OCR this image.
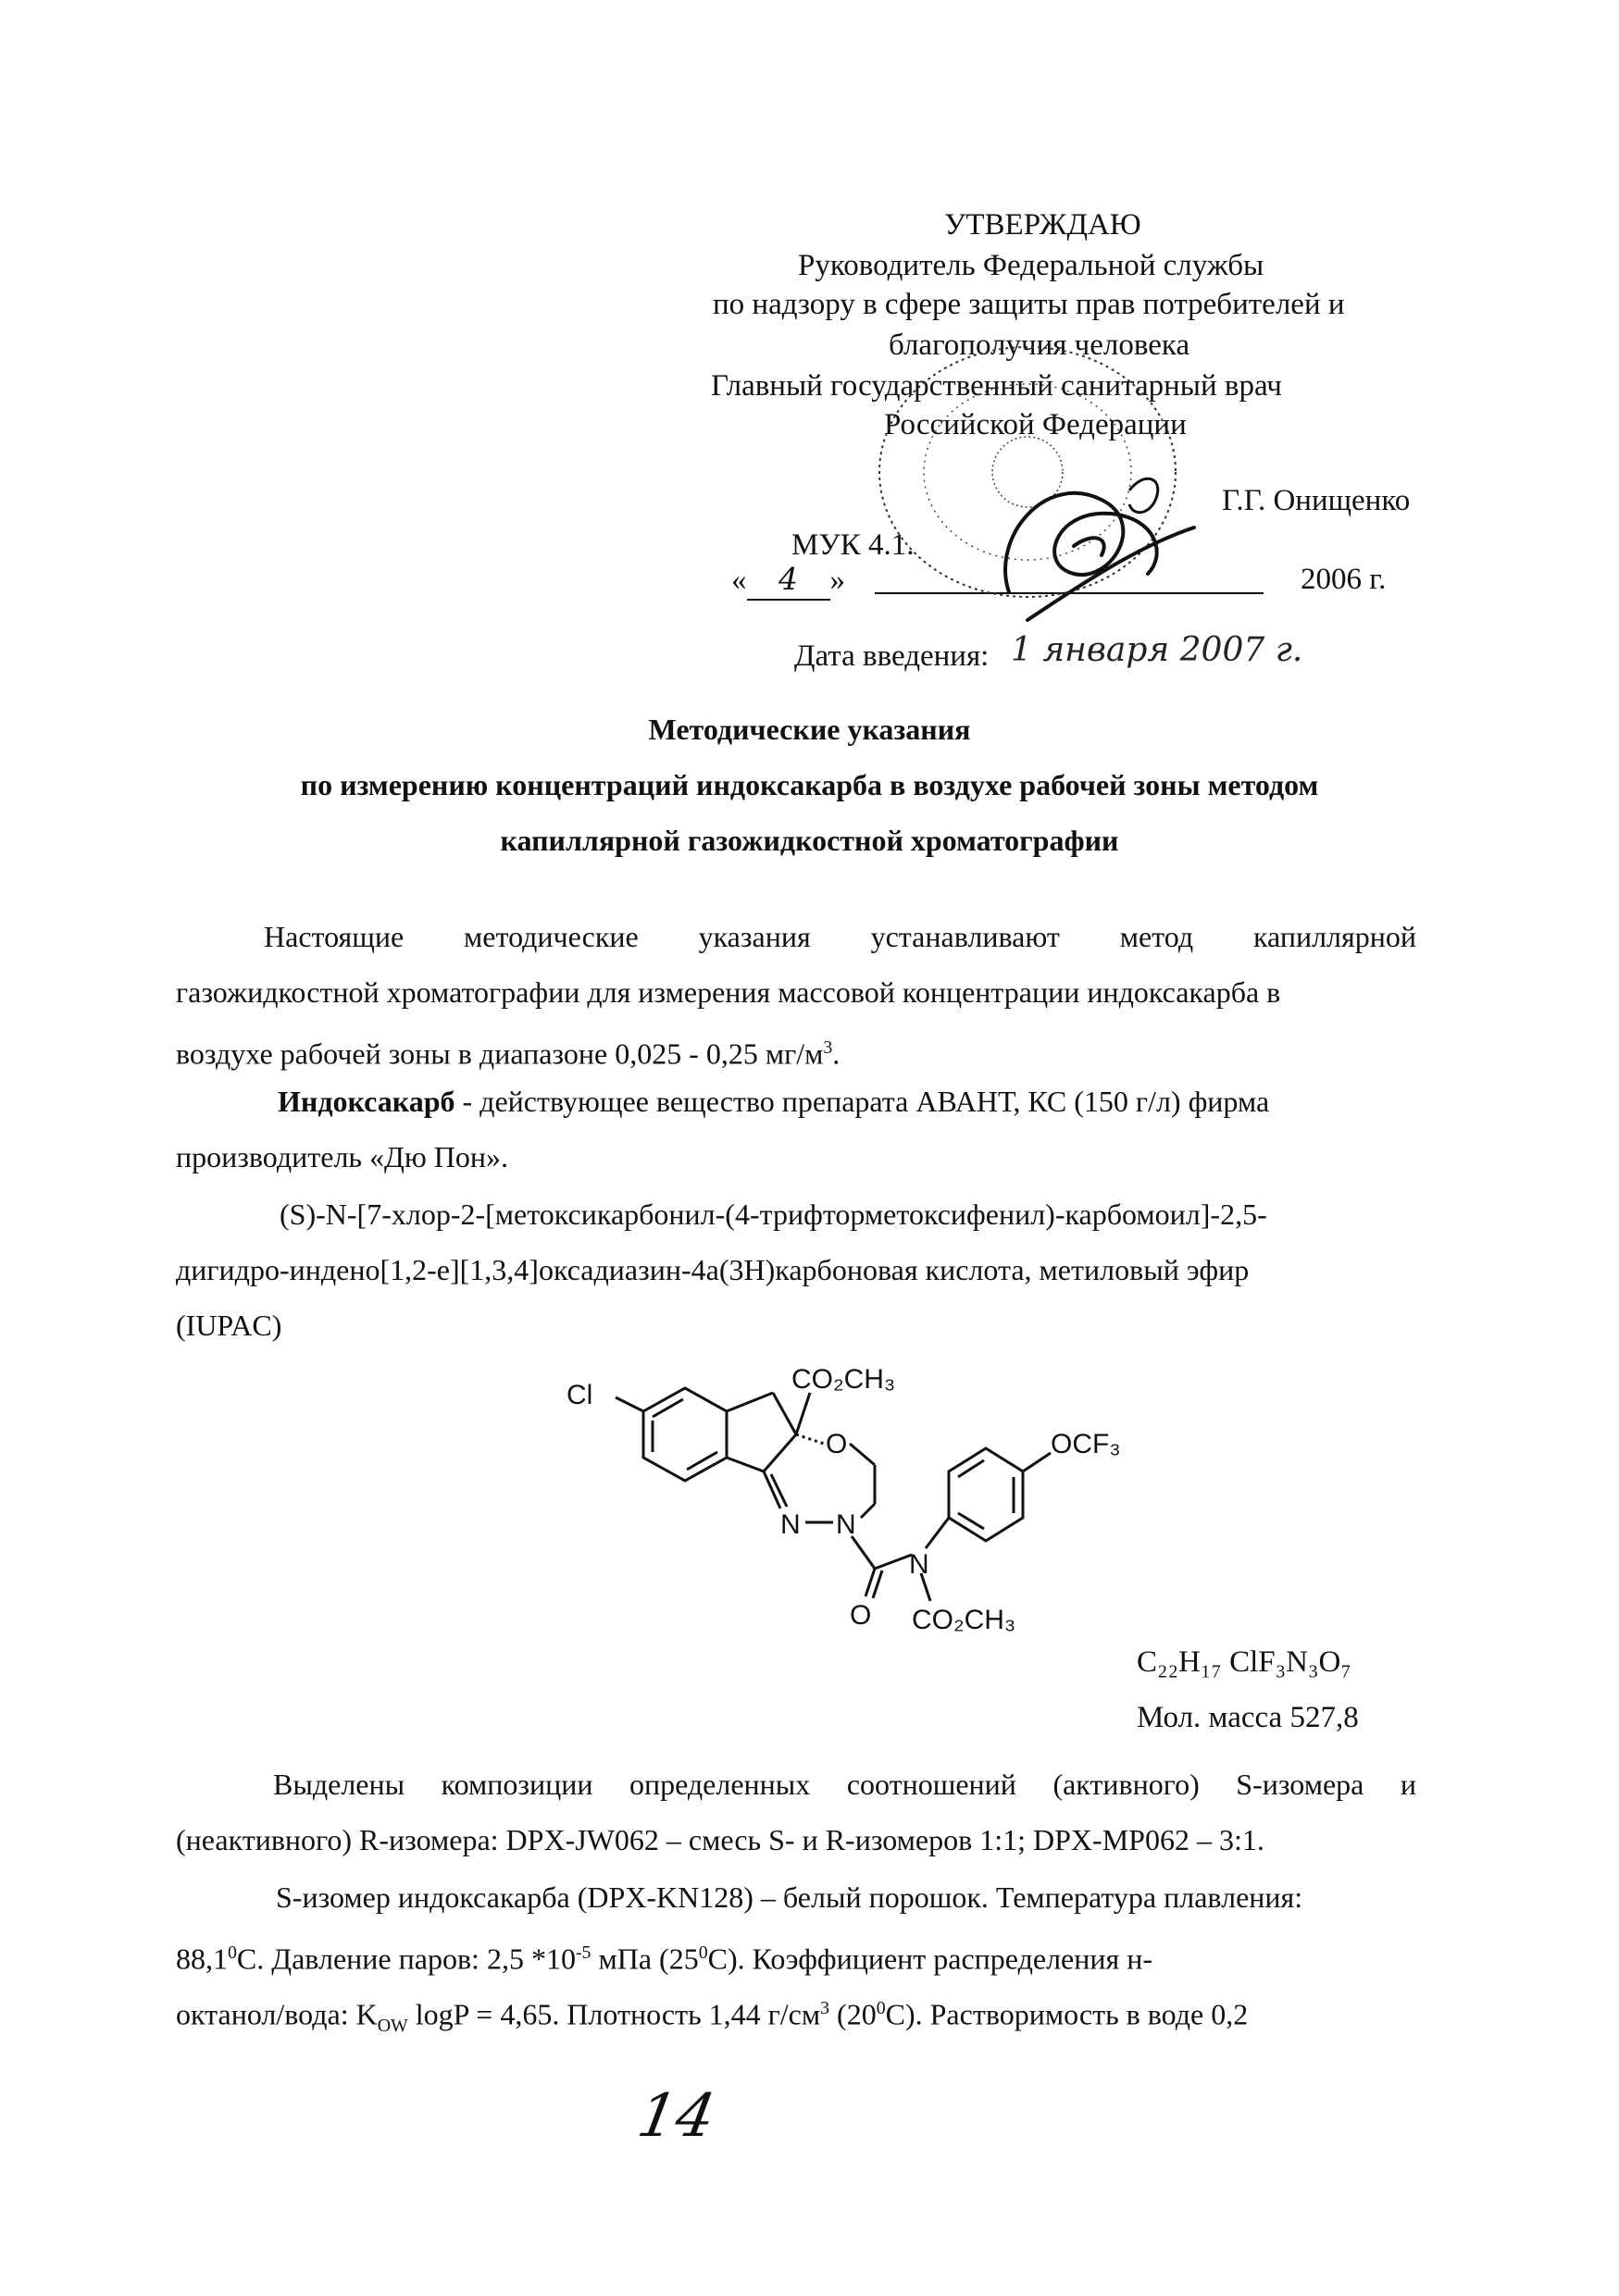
УТВЕРЖДАЮ
Руководитель Федеральной службы
по надзору в сфере защиты прав потребителей и
благополучия человека
Главный государственный санитарный врач
Российской Федерации
Г.Г. Онищенко
МУК 4.1.
« 4 »	2006 г.
Дата введения: 1 января 2007 г.
Методические указания
по измерению концентраций индоксакарба в воздухе рабочей зоны методом
капиллярной газожидкостной хроматографии
Настоящие методические указания устанавливают метод капиллярной
газожидкостной хроматографии для измерения массовой концентрации индоксакарба в
воздухе рабочей зоны в диапазоне 0,025 - 0,25 $мг/м^3$.
Индоксакарб - действующее вещество препарата АВАНТ, КС (150 г/л) фирма
производитель «Дю Пон».
(S)-N-[7-хлор-2-[метоксикарбонил-(4-трифторметоксифенил)-карбомоил]-2,5-
дигидро-индено[1,2-е][1,3,4]оксадиазин-4а(3Н)карбоновая кислота, метиловый эфир
(IUPAC)
Cl
CO₂CH₃
O
N N
OCF₃
N
O CO₂CH₃
C₂₂H₁₇ ClF₃N₃O₇
Мол. масса 527,8
Выделены композиции определенных соотношений (активного) S-изомера и
(неактивного) R-изомера: DPX-JW062 – смесь S- и R-изомеров 1:1; DPX-MP062 – 3:1.
S-изомер индоксакарба (DPX-KN128) – белый порошок. Температура плавления:
88,1$^0$С. Давление паров: 2,5 $*10^{-5}$ мПа $(25^0С)$. Коэффициент распределения н-
октанол/вода: $K_{OW}$ logP = 4,65. Плотность 1,44 $г/см^3$ $(20^0С)$. Растворимость в воде 0,2
14
